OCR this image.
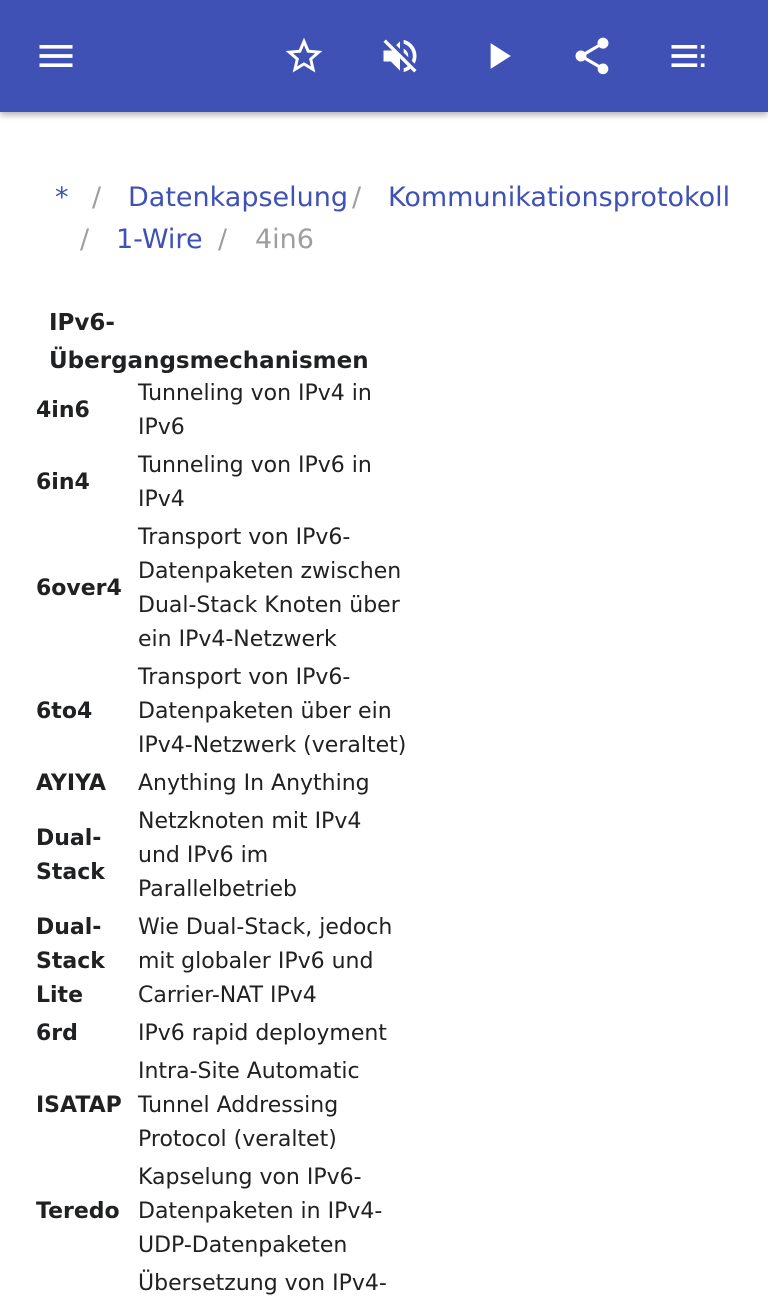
* / Datenkapselung / Kommunikationsprotokoll
/ 1-Wire / 4in6
IPv6-Übergangsmechanismen
4in6
Tunneling von IPv4 in IPv6
6in4
Tunneling von IPv6 in IPv4
6over4
Transport von IPv6-Datenpaketen zwischen Dual-Stack Knoten über ein IPv4-Netzwerk
6to4
Transport von IPv6-Datenpaketen über ein IPv4-Netzwerk (veraltet)
AYIYA	Anything In Anything
Dual-Stack
Netzknoten mit IPv4 und IPv6 im Parallelbetrieb
Dual-Stack Lite
Wie Dual-Stack, jedoch mit globaler IPv6 und Carrier-NAT IPv4
6rd	IPv6 rapid deployment
ISATAP
Intra-Site Automatic Tunnel Addressing Protocol (veraltet)
Teredo
Kapselung von IPv6-Datenpaketen in IPv4-UDP-Datenpaketen
Übersetzung von IPv4-
